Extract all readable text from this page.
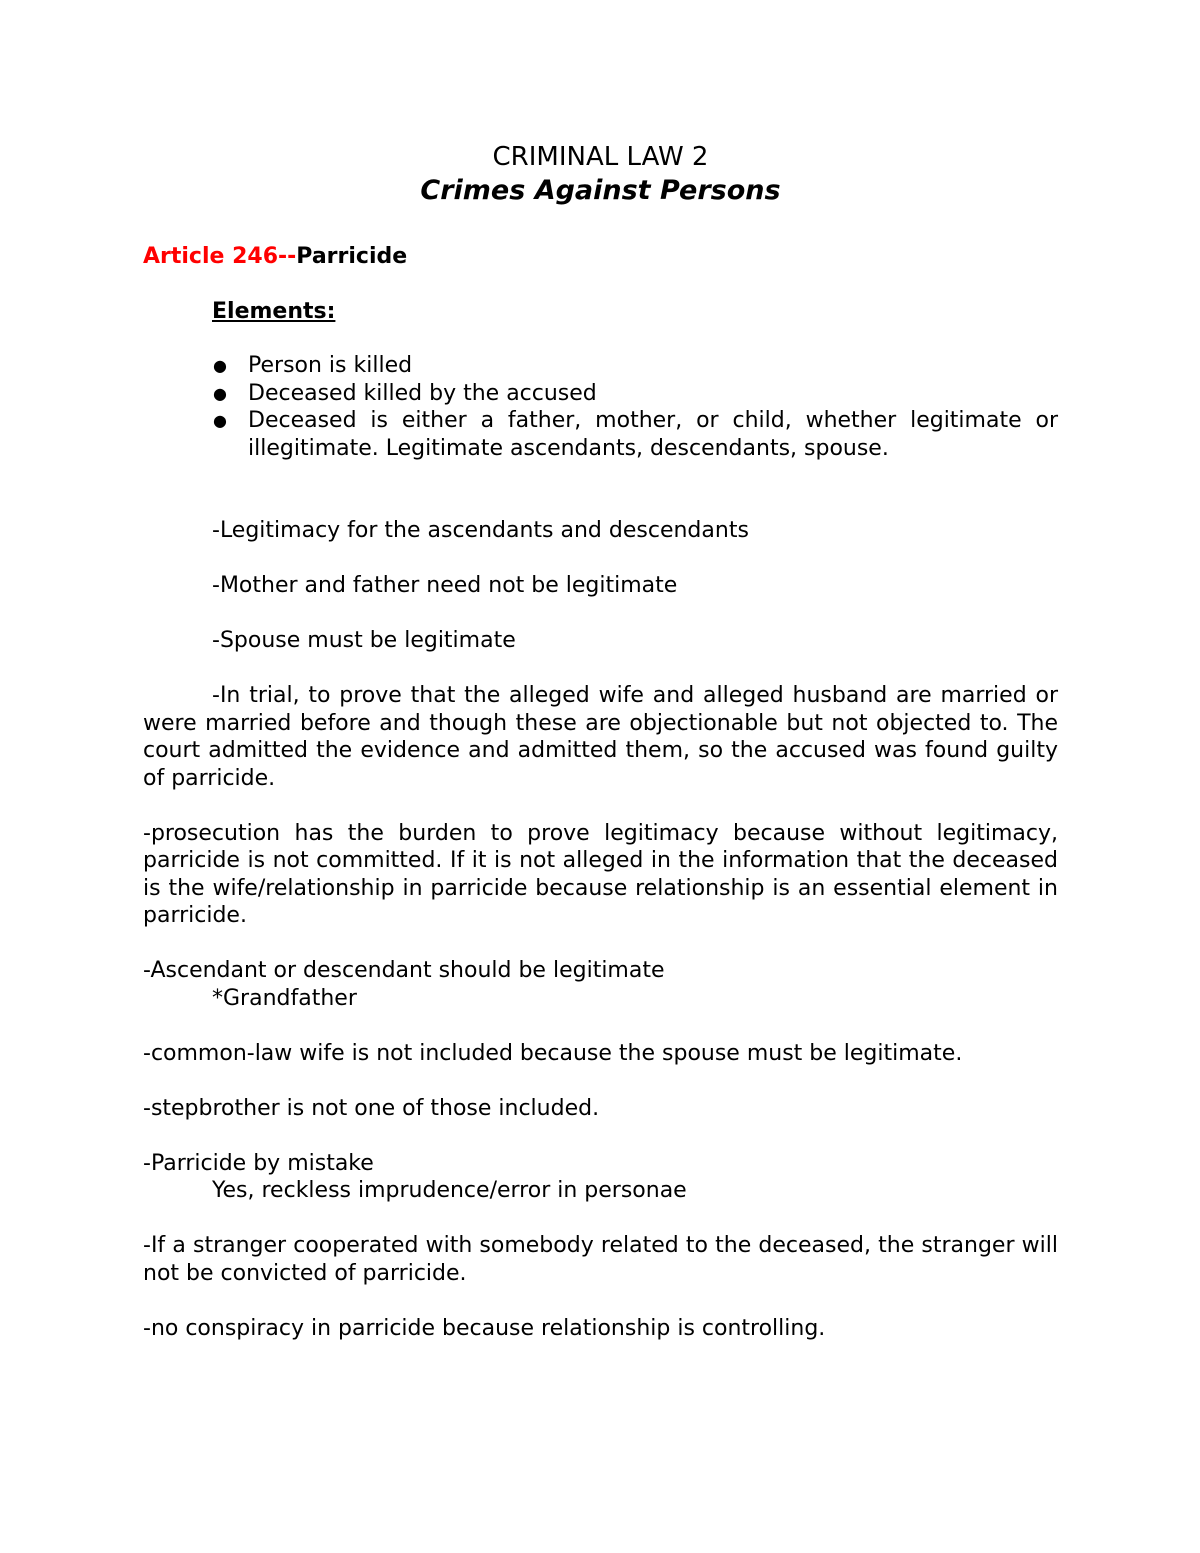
CRIMINAL LAW 2
Crimes Against Persons
Article 246--Parricide
Elements:
● Person is killed
● Deceased killed by the accused
● Deceased is either a father, mother, or child, whether legitimate or illegitimate. Legitimate ascendants, descendants, spouse.

-Legitimacy for the ascendants and descendants

-Mother and father need not be legitimate

-Spouse must be legitimate

-In trial, to prove that the alleged wife and alleged husband are married or were married before and though these are objectionable but not objected to. The court admitted the evidence and admitted them, so the accused was found guilty of parricide.

-prosecution has the burden to prove legitimacy because without legitimacy, parricide is not committed. If it is not alleged in the information that the deceased is the wife/relationship in parricide because relationship is an essential element in parricide.

-Ascendant or descendant should be legitimate

*Grandfather

-common-law wife is not included because the spouse must be legitimate.

-stepbrother is not one of those included.

-Parricide by mistake

Yes, reckless imprudence/error in personae

-If a stranger cooperated with somebody related to the deceased, the stranger will not be convicted of parricide.

-no conspiracy in parricide because relationship is controlling.
